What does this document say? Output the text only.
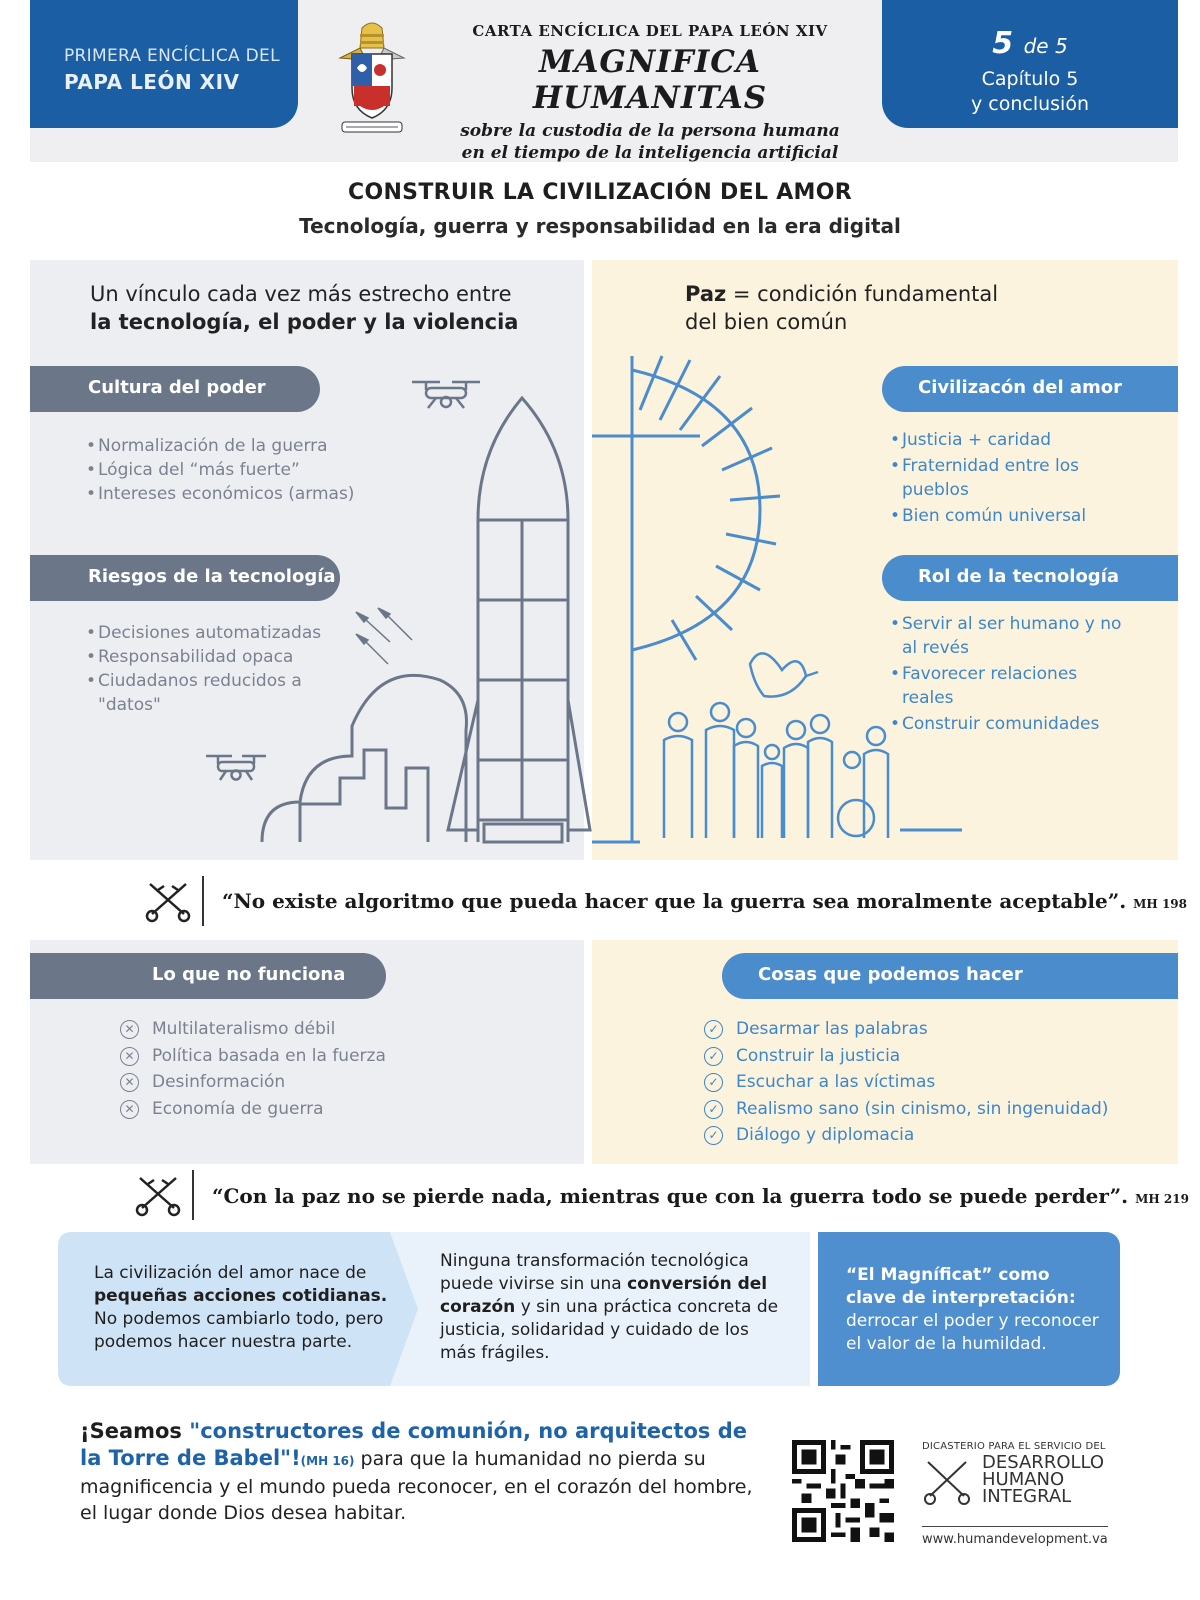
PRIMERA ENCÍCLICA DEL
PAPA LEÓN XIV
CARTA ENCÍCLICA DEL PAPA LEÓN XIV
MAGNIFICA HUMANITAS
sobre la custodia de la persona humana
en el tiempo de la inteligencia artificial
5 de 5
Capítulo 5
y conclusión
CONSTRUIR LA CIVILIZACIÓN DEL AMOR
Tecnología, guerra y responsabilidad en la era digital
Un vínculo cada vez más estrecho entre
la tecnología, el poder y la violencia
Paz = condición fundamental
del bien común
Cultura del poder
• Normalización de la guerra
• Lógica del “más fuerte”
• Intereses económicos (armas)
Riesgos de la tecnología
• Decisiones automatizadas
• Responsabilidad opaca
• Ciudadanos reducidos a "datos"
Civilizacón del amor
• Justicia + caridad
• Fraternidad entre los pueblos
• Bien común universal
Rol de la tecnología
• Servir al ser humano y no al revés
• Favorecer relaciones reales
• Construir comunidades
“No existe algoritmo que pueda hacer que la guerra sea moralmente aceptable”. MH 198
Lo que no funciona
✕ Multilateralismo débil
✕ Política basada en la fuerza
✕ Desinformación
✕ Economía de guerra
Cosas que podemos hacer
✓ Desarmar las palabras
✓ Construir la justicia
✓ Escuchar a las víctimas
✓ Realismo sano (sin cinismo, sin ingenuidad)
✓ Diálogo y diplomacia
“Con la paz no se pierde nada, mientras que con la guerra todo se puede perder”. MH 219
La civilización del amor nace de
pequeñas acciones cotidianas.
No podemos cambiarlo todo, pero podemos hacer nuestra parte.
Ninguna transformación tecnológica puede vivirse sin una conversión del corazón y sin una práctica concreta de justicia, solidaridad y cuidado de los más frágiles.
“El Magníficat” como clave de interpretación: derrocar el poder y reconocer el valor de la humildad.
¡Seamos "constructores de comunión, no arquitectos de la Torre de Babel"!(MH 16) para que la humanidad no pierda su magnificencia y el mundo pueda reconocer, en el corazón del hombre, el lugar donde Dios desea habitar.
DICASTERIO PARA EL SERVICIO DEL
DESARROLLO
HUMANO
INTEGRAL
www.humandevelopment.va
